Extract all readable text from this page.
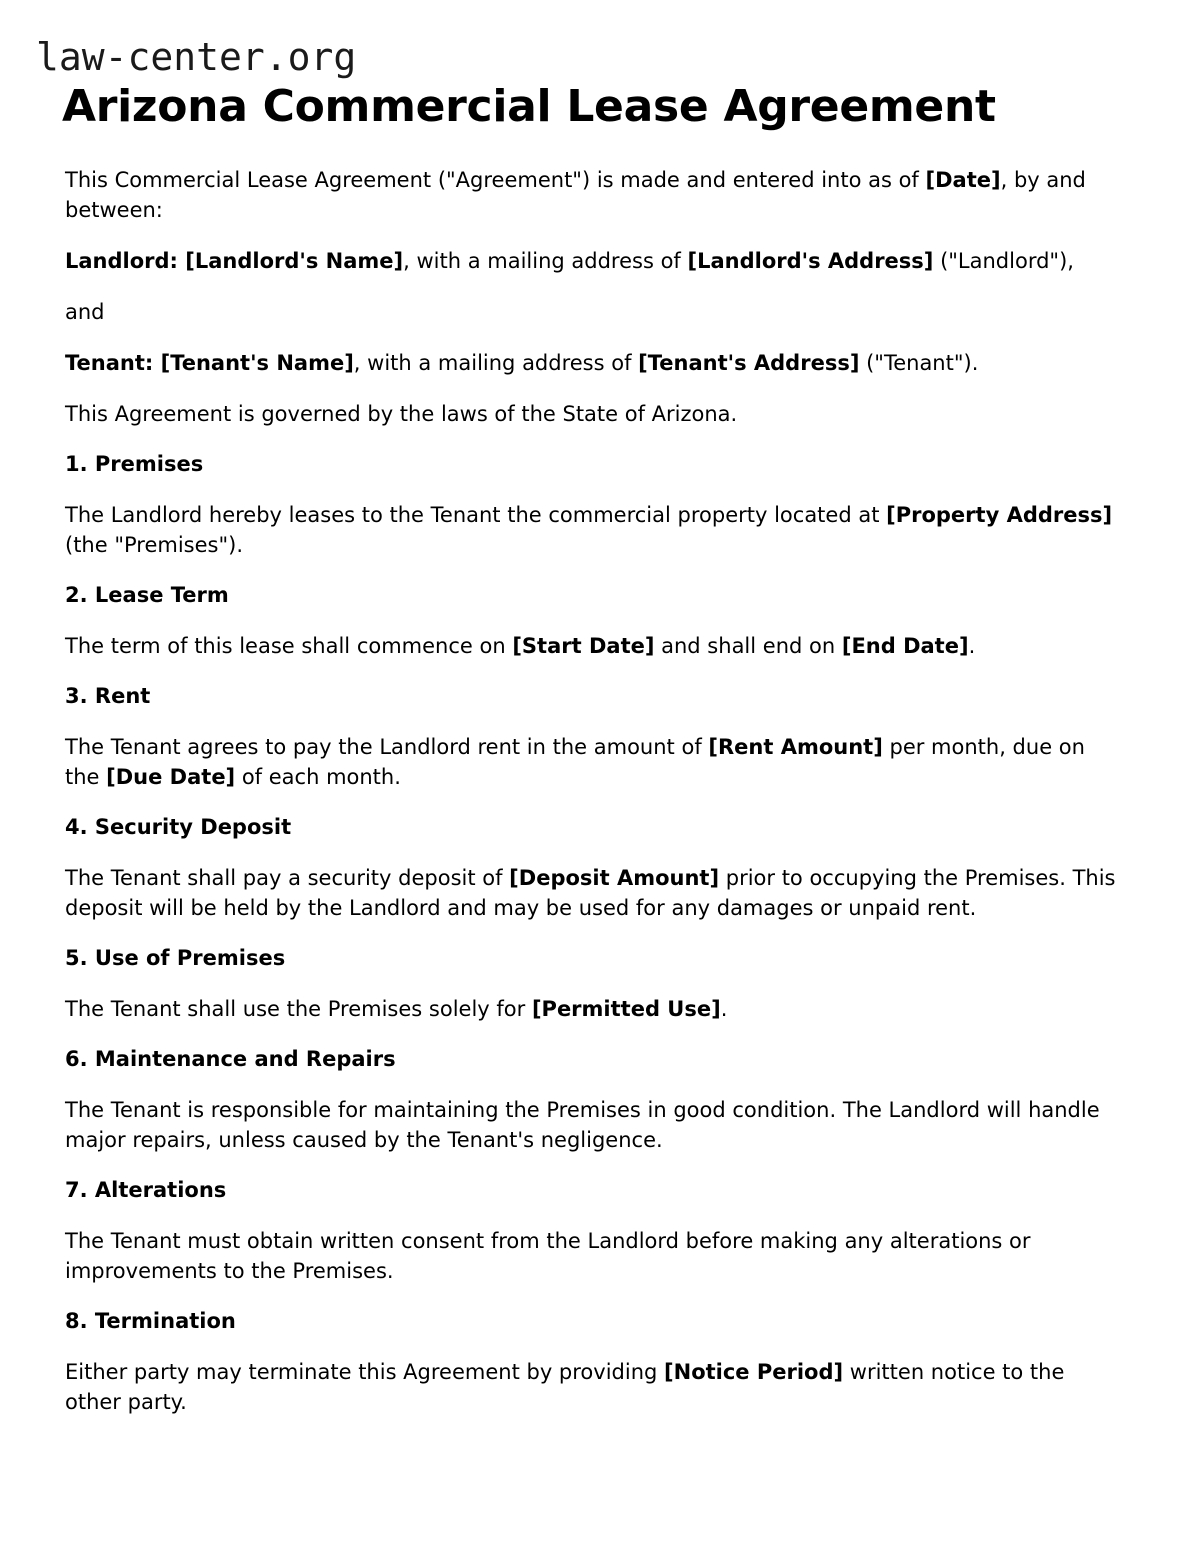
law-center.org
Arizona Commercial Lease Agreement

This Commercial Lease Agreement ("Agreement") is made and entered into as of [Date], by and between:

Landlord: [Landlord's Name], with a mailing address of [Landlord's Address] ("Landlord"),

and

Tenant: [Tenant's Name], with a mailing address of [Tenant's Address] ("Tenant").

This Agreement is governed by the laws of the State of Arizona.

1. Premises

The Landlord hereby leases to the Tenant the commercial property located at [Property Address] (the "Premises").

2. Lease Term

The term of this lease shall commence on [Start Date] and shall end on [End Date].

3. Rent

The Tenant agrees to pay the Landlord rent in the amount of [Rent Amount] per month, due on the [Due Date] of each month.

4. Security Deposit

The Tenant shall pay a security deposit of [Deposit Amount] prior to occupying the Premises. This deposit will be held by the Landlord and may be used for any damages or unpaid rent.

5. Use of Premises

The Tenant shall use the Premises solely for [Permitted Use].

6. Maintenance and Repairs

The Tenant is responsible for maintaining the Premises in good condition. The Landlord will handle major repairs, unless caused by the Tenant's negligence.

7. Alterations

The Tenant must obtain written consent from the Landlord before making any alterations or improvements to the Premises.

8. Termination

Either party may terminate this Agreement by providing [Notice Period] written notice to the other party.
